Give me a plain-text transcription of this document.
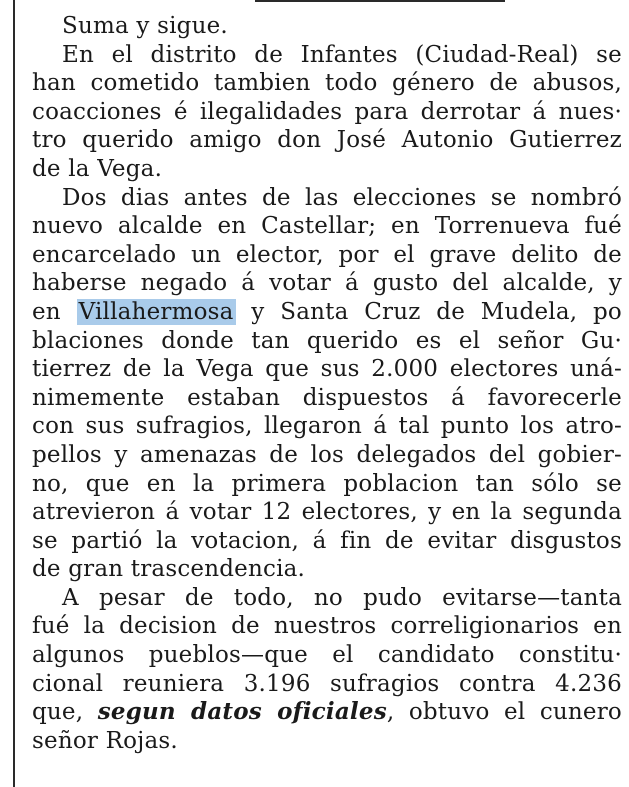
Suma y sigue.
En el distrito de Infantes (Ciudad-Real) se
han cometido tambien todo género de abusos,
coacciones é ilegalidades para derrotar á nues·
tro querido amigo don José Autonio Gutierrez
de la Vega.
Dos dias antes de las elecciones se nombró
nuevo alcalde en Castellar; en Torrenueva fué
encarcelado un elector, por el grave delito de
haberse negado á votar á gusto del alcalde, y
en Villahermosa y Santa Cruz de Mudela, po
blaciones donde tan querido es el señor Gu·
tierrez de la Vega que sus 2.000 electores uná-
nimemente estaban dispuestos á favorecerle
con sus sufragios, llegaron á tal punto los atro-
pellos y amenazas de los delegados del gobier-
no, que en la primera poblacion tan sólo se
atrevieron á votar 12 electores, y en la segunda
se partió la votacion, á fin de evitar disgustos
de gran trascendencia.
A pesar de todo, no pudo evitarse—tanta
fué la decision de nuestros correligionarios en
algunos pueblos—que el candidato constitu·
cional reuniera 3.196 sufragios contra 4.236
que, segun datos oficiales, obtuvo el cunero
señor Rojas.
